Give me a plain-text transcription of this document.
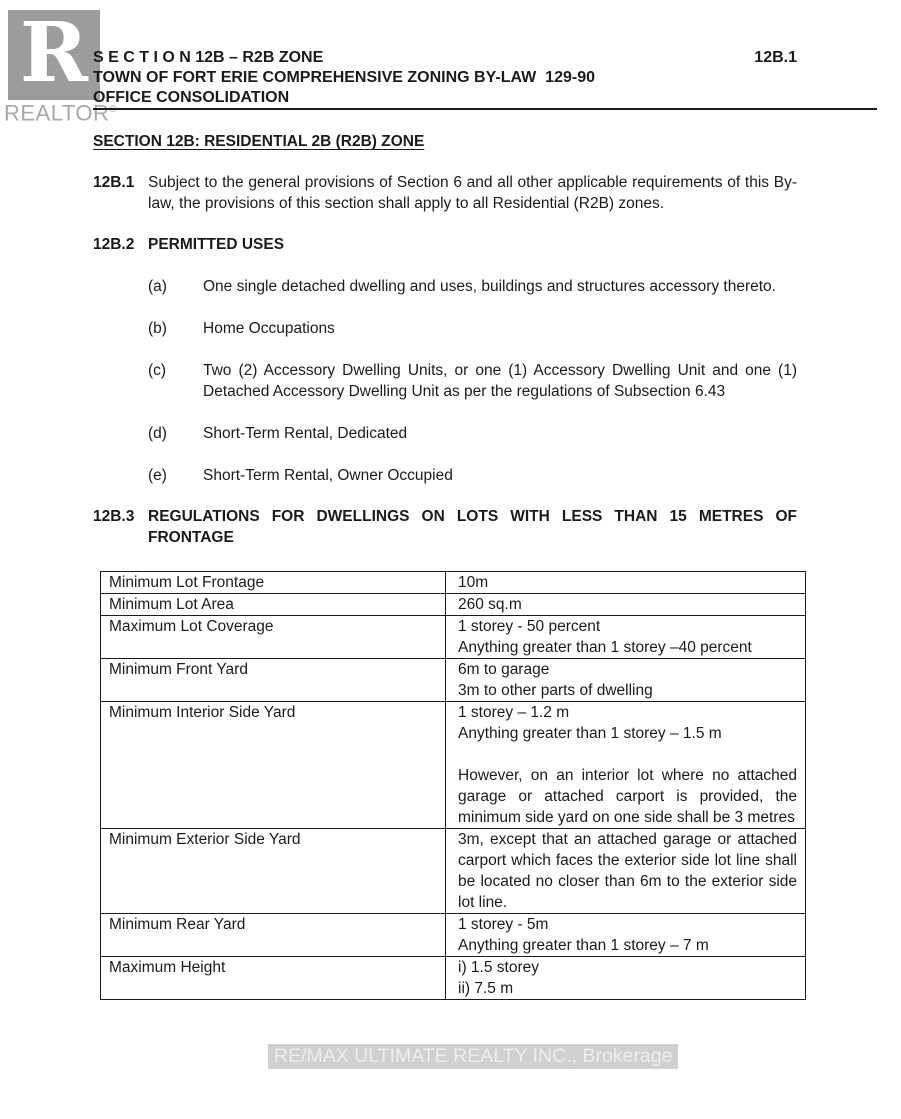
R
REALTOR®
RE/MAX ULTIMATE REALTY INC., Brokerage
S E C T I O N 12B – R2B ZONE
TOWN OF FORT ERIE COMPREHENSIVE ZONING BY-LAW  129-90
OFFICE CONSOLIDATION
12B.1
SECTION 12B: RESIDENTIAL 2B (R2B) ZONE
12B.1 Subject to the general provisions of Section 6 and all other applicable requirements of this By-law, the provisions of this section shall apply to all Residential (R2B) zones.
12B.2 PERMITTED USES
(a)	One single detached dwelling and uses, buildings and structures accessory thereto.
(b)	Home Occupations
(c)	Two (2) Accessory Dwelling Units, or one (1) Accessory Dwelling Unit and one (1) Detached Accessory Dwelling Unit as per the regulations of Subsection 6.43
(d)	Short-Term Rental, Dedicated
(e)	Short-Term Rental, Owner Occupied
12B.3 REGULATIONS FOR DWELLINGS ON LOTS WITH LESS THAN 15 METRES OF FRONTAGE
Minimum Lot Frontage	10m

Minimum Lot Area	260 sq.m

Maximum Lot Coverage	1 storey - 50 percent
Anything greater than 1 storey –40 percent

Minimum Front Yard	6m to garage
3m to other parts of dwelling

Minimum Interior Side Yard	1 storey – 1.2 m
Anything greater than 1 storey – 1.5 m

However, on an interior lot where no attached garage or attached carport is provided, the minimum side yard on one side shall be 3 metres

Minimum Exterior Side Yard	3m, except that an attached garage or attached carport which faces the exterior side lot line shall be located no closer than 6m to the exterior side lot line.

Minimum Rear Yard	1 storey - 5m
Anything greater than 1 storey – 7 m

Maximum Height	i) 1.5 storey
ii) 7.5 m
